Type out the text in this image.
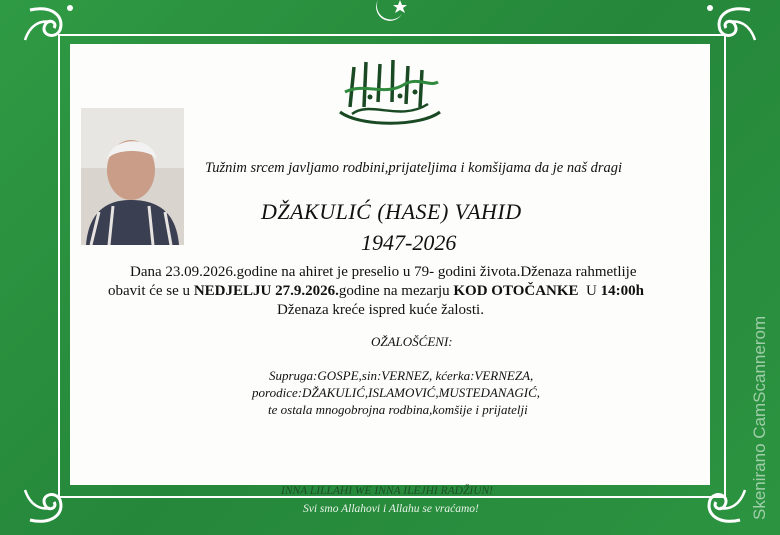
Tužnim srcem javljamo rodbini,prijateljima i komšijama da je naš dragi
DŽAKULIĆ (HASE) VAHID
1947-2026
Dana 23.09.2026.godine na ahiret je preselio u 79- godini života.Dženaza rahmetlije
obavit će se u NEDJELJU 27.9.2026.godine na mezarju KOD OTOČANKE  U 14:00h
Dženaza kreće ispred kuće žalosti.
OŽALOŠĆENI:
Supruga:GOSPE,sin:VERNEZ, kćerka:VERNEZA,
porodice:DŽAKULIĆ,ISLAMOVIĆ,MUSTEDANAGIĆ,
te ostala mnogobrojna rodbina,komšije i prijatelji
INNA LILLAHI WE INNA ILEJHI RADŽIUN!
Svi smo Allahovi i Allahu se vraćamo!	Skenirano CamScannerom
